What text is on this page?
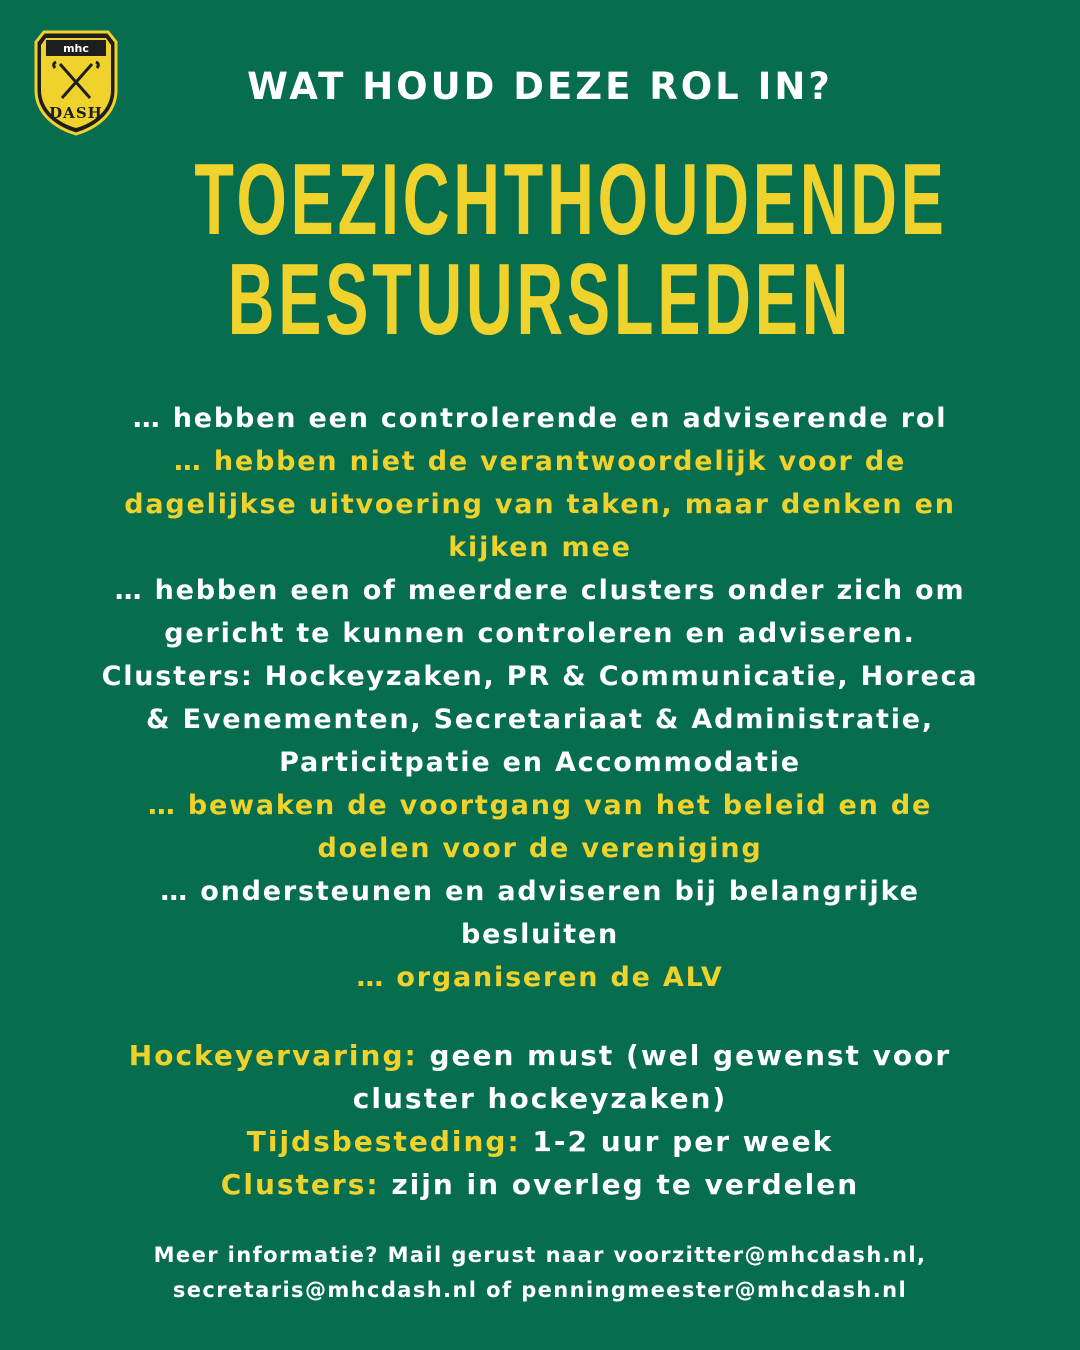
mhc
DASH
WAT HOUD DEZE ROL IN?
TOEZICHTHOUDENDE
BESTUURSLEDEN

… hebben een controlerende en adviserende rol

… hebben niet de verantwoordelijk voor de

dagelijkse uitvoering van taken, maar denken en

kijken mee

… hebben een of meerdere clusters onder zich om

gericht te kunnen controleren en adviseren.

Clusters: Hockeyzaken, PR & Communicatie, Horeca

& Evenementen, Secretariaat & Administratie,

Particitpatie en Accommodatie

… bewaken de voortgang van het beleid en de

doelen voor de vereniging

… ondersteunen en adviseren bij belangrijke

besluiten

… organiseren de ALV

Hockeyervaring: geen must (wel gewenst voor

cluster hockeyzaken)

Tijdsbesteding: 1-2 uur per week

Clusters: zijn in overleg te verdelen

Meer informatie? Mail gerust naar voorzitter@mhcdash.nl,

secretaris@mhcdash.nl of penningmeester@mhcdash.nl
